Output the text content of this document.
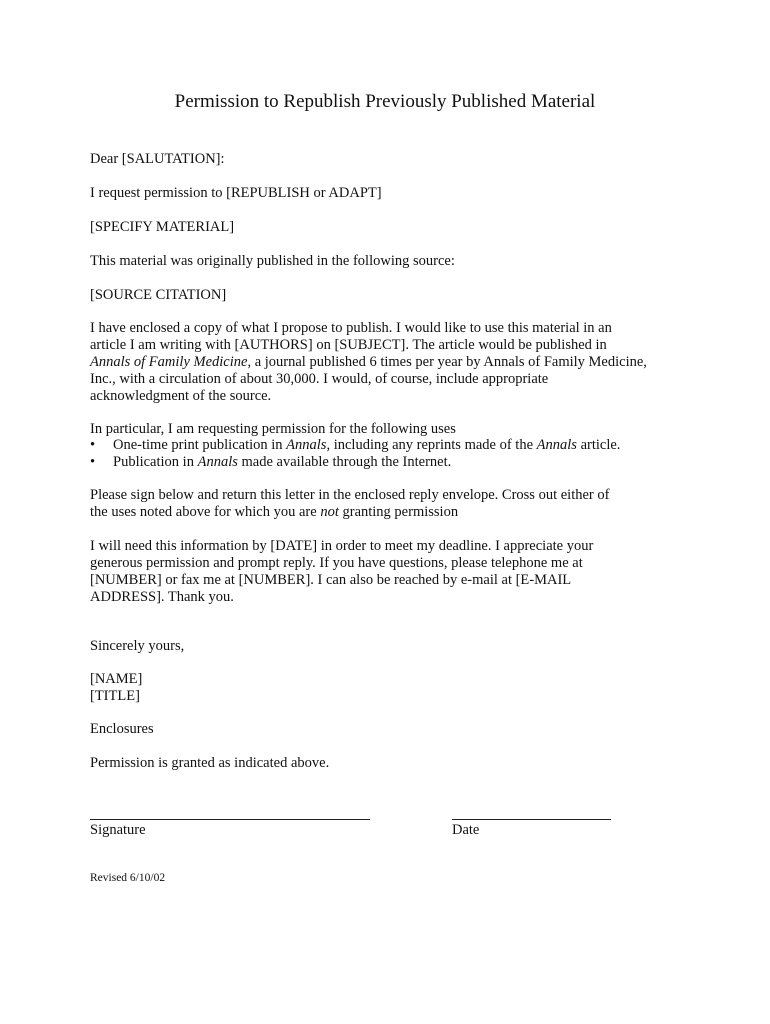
Permission to Republish Previously Published Material
Dear [SALUTATION]:
I request permission to [REPUBLISH or ADAPT]
[SPECIFY MATERIAL]
This material was originally published in the following source:
[SOURCE CITATION]
I have enclosed a copy of what I propose to publish. I would like to use this material in an
article I am writing with [AUTHORS] on [SUBJECT]. The article would be published in
Annals of Family Medicine, a journal published 6 times per year by Annals of Family Medicine,
Inc., with a circulation of about 30,000. I would, of course, include appropriate
acknowledgment of the source.
In particular, I am requesting permission for the following uses
•	One-time print publication in Annals, including any reprints made of the Annals article.
•	Publication in Annals made available through the Internet.
Please sign below and return this letter in the enclosed reply envelope. Cross out either of
the uses noted above for which you are not granting permission
I will need this information by [DATE] in order to meet my deadline. I appreciate your
generous permission and prompt reply. If you have questions, please telephone me at
[NUMBER] or fax me at [NUMBER]. I can also be reached by e-mail at [E-MAIL
ADDRESS]. Thank you.
Sincerely yours,
[NAME]
[TITLE]
Enclosures
Permission is granted as indicated above.
Signature	Date
Revised 6/10/02
